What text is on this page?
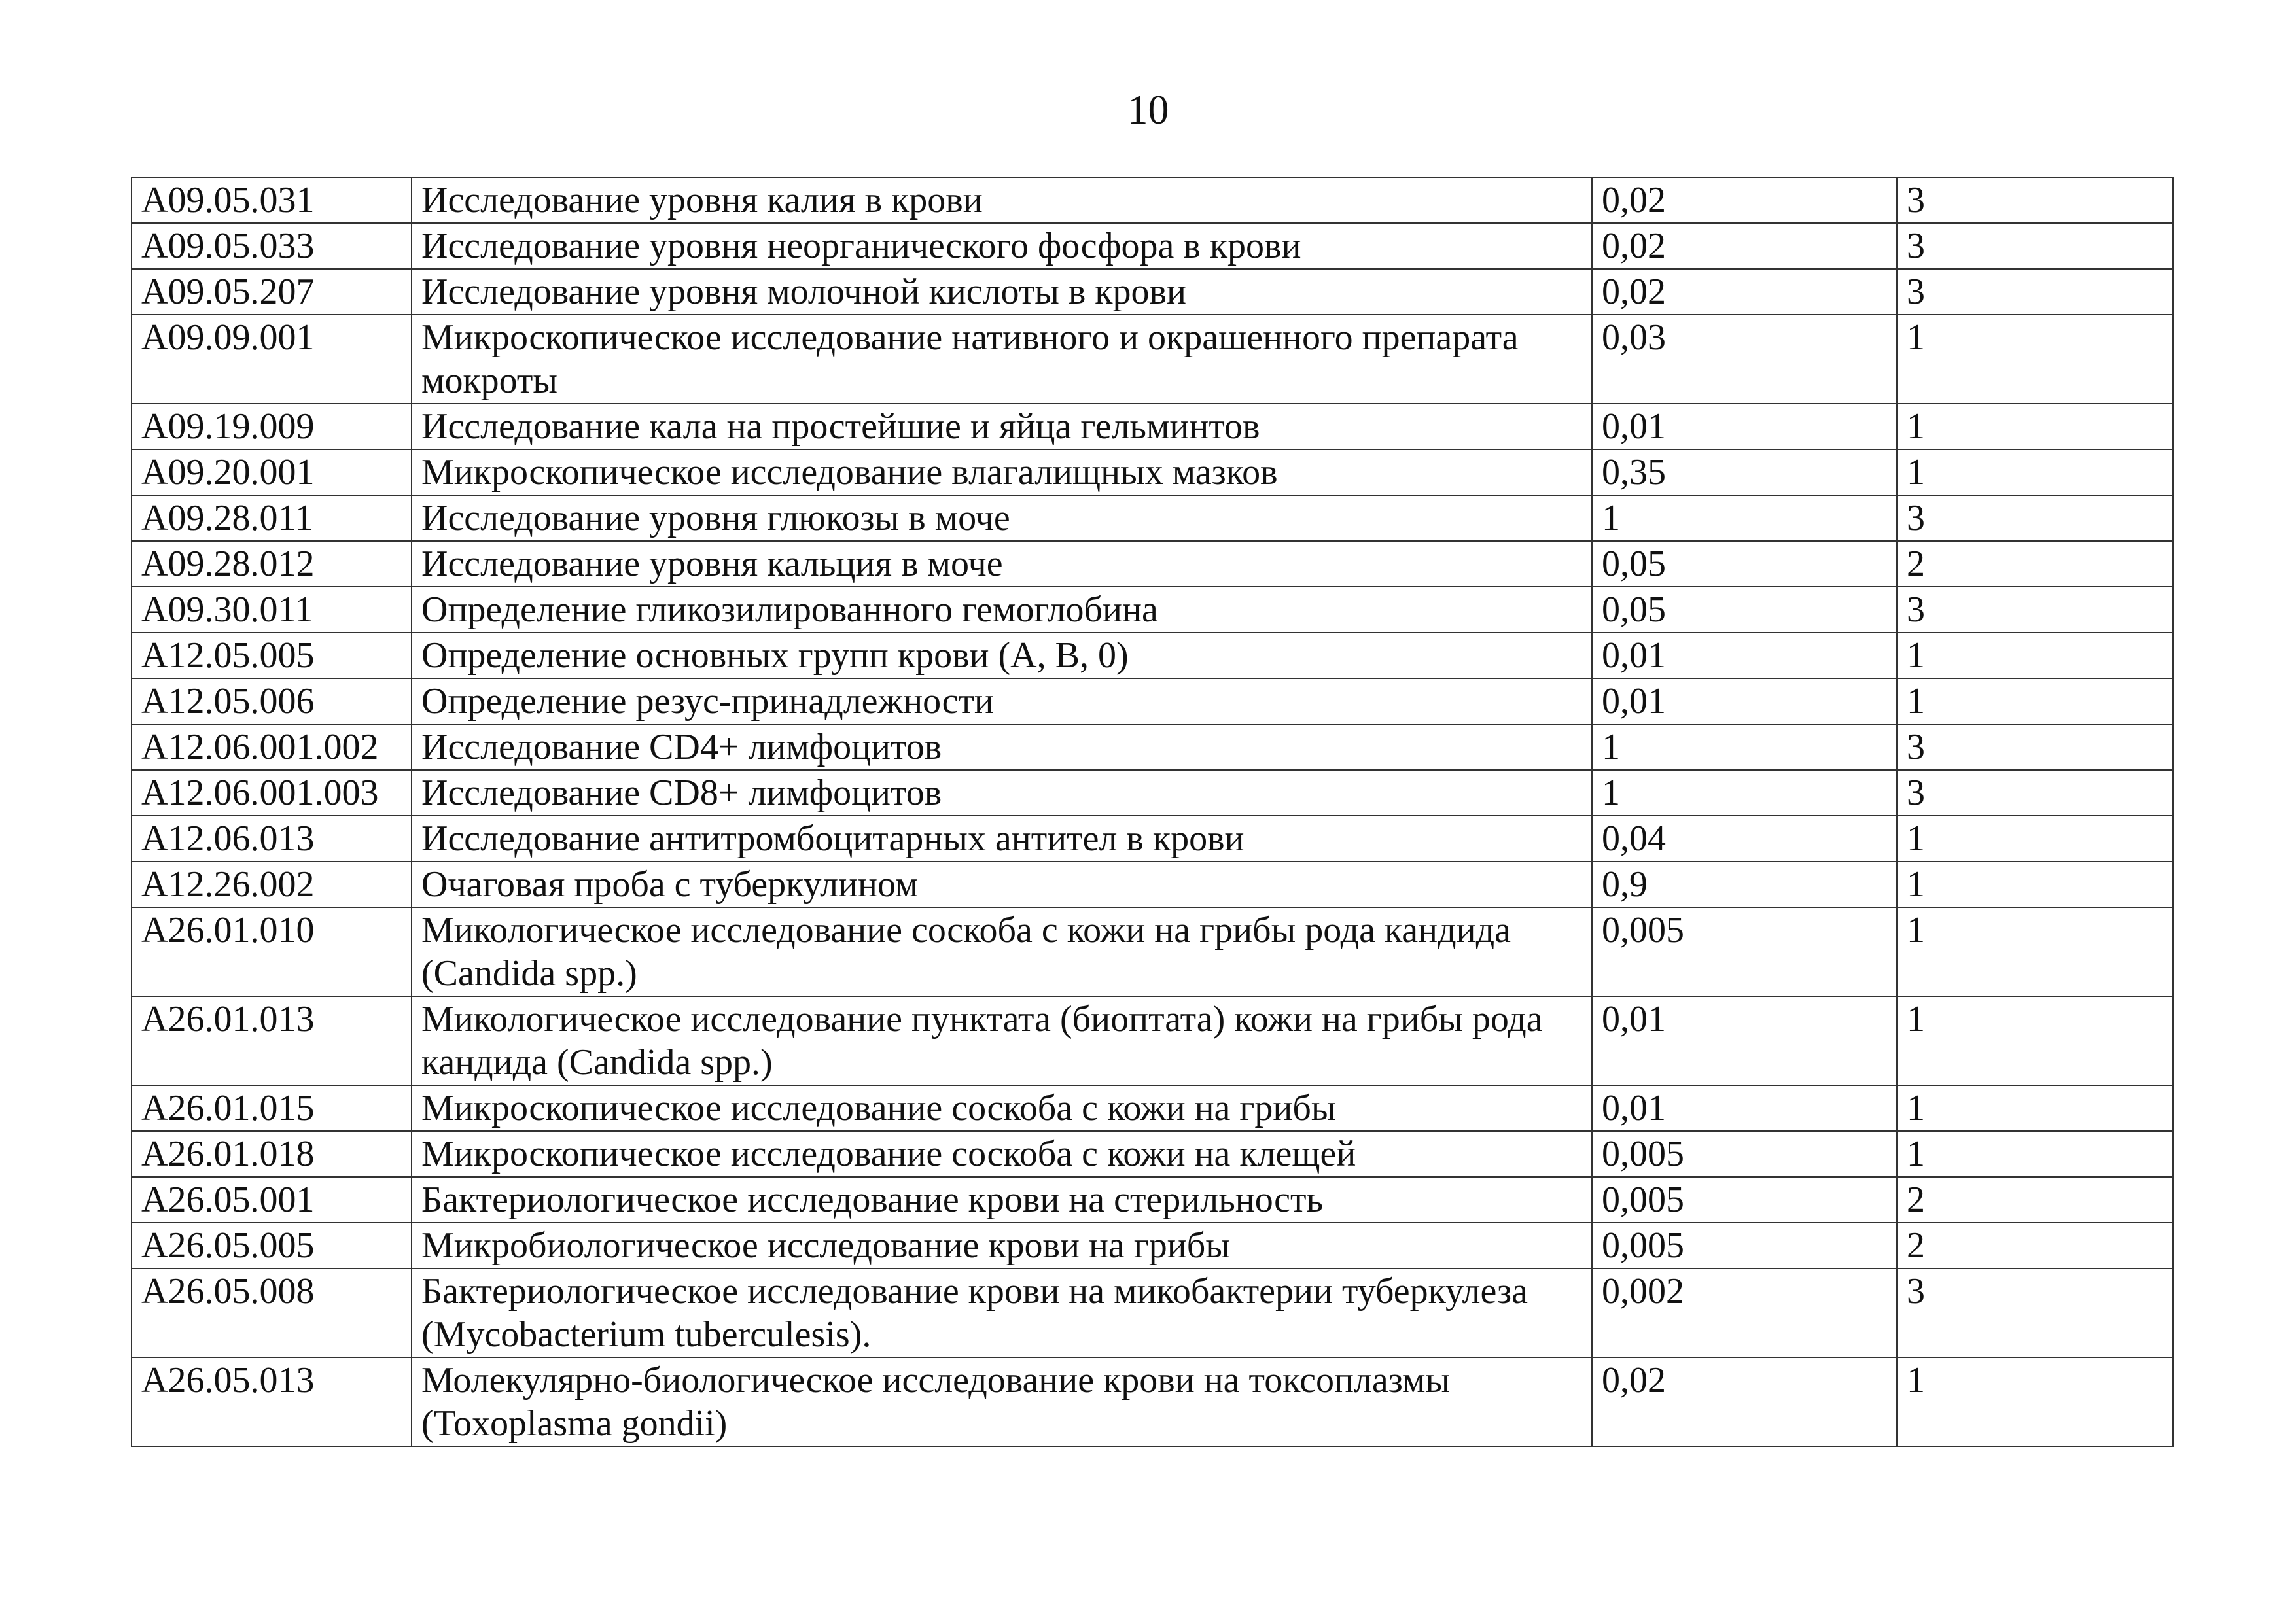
10
A09.05.031	Исследование уровня калия в крови	0,02	3
A09.05.033	Исследование уровня неорганического фосфора в крови	0,02	3
A09.05.207	Исследование уровня молочной кислоты в крови	0,02	3
A09.09.001	Микроскопическое исследование нативного и окрашенного препарата мокроты	0,03	1
A09.19.009	Исследование кала на простейшие и яйца гельминтов	0,01	1
A09.20.001	Микроскопическое исследование влагалищных мазков	0,35	1
A09.28.011	Исследование уровня глюкозы в моче	1	3
A09.28.012	Исследование уровня кальция в моче	0,05	2
A09.30.011	Определение гликозилированного гемоглобина	0,05	3
A12.05.005	Определение основных групп крови (А, В, 0)	0,01	1
A12.05.006	Определение резус-принадлежности	0,01	1
A12.06.001.002	Исследование CD4+ лимфоцитов	1	3
A12.06.001.003	Исследование CD8+ лимфоцитов	1	3
A12.06.013	Исследование антитромбоцитарных антител в крови	0,04	1
A12.26.002	Очаговая проба с туберкулином	0,9	1
A26.01.010	Микологическое исследование соскоба с кожи на грибы рода кандида (Candida spp.)	0,005	1
A26.01.013	Микологическое исследование пунктата (биоптата) кожи на грибы рода кандида (Candida spp.)	0,01	1
A26.01.015	Микроскопическое исследование соскоба с кожи на грибы	0,01	1
A26.01.018	Микроскопическое исследование соскоба с кожи на клещей	0,005	1
A26.05.001	Бактериологическое исследование крови на стерильность	0,005	2
A26.05.005	Микробиологическое исследование крови на грибы	0,005	2
A26.05.008	Бактериологическое исследование крови на микобактерии туберкулеза (Mycobacterium tuberculesis).	0,002	3
A26.05.013	Молекулярно-биологическое исследование крови на токсоплазмы (Toxoplasma gondii)	0,02	1
